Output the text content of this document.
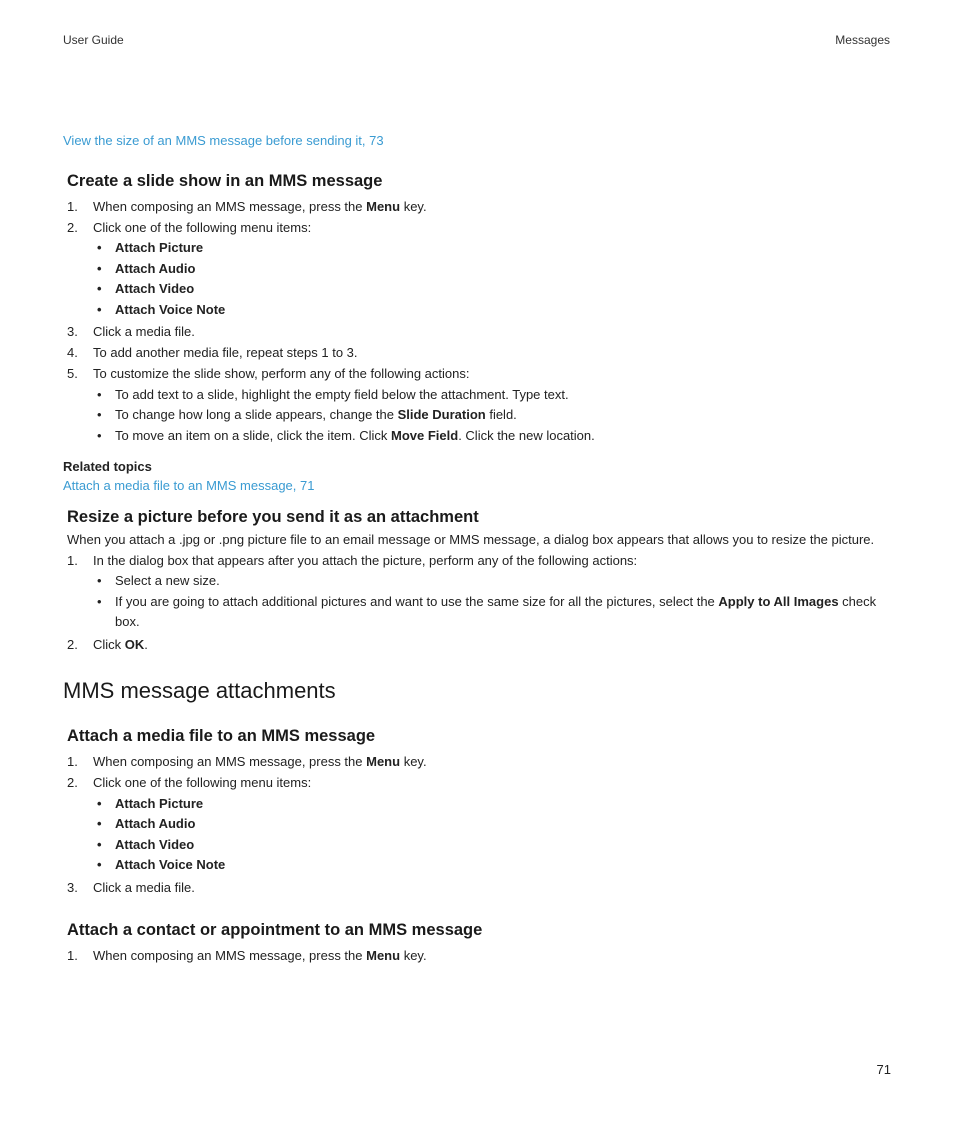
User Guide	Messages
View the size of an MMS message before sending it, 73
Create a slide show in an MMS message
1. When composing an MMS message, press the Menu key.
2. Click one of the following menu items:
• Attach Picture
• Attach Audio
• Attach Video
• Attach Voice Note
3. Click a media file.
4. To add another media file, repeat steps 1 to 3.
5. To customize the slide show, perform any of the following actions:
• To add text to a slide, highlight the empty field below the attachment. Type text.
• To change how long a slide appears, change the Slide Duration field.
• To move an item on a slide, click the item. Click Move Field. Click the new location.
Related topics
Attach a media file to an MMS message, 71
Resize a picture before you send it as an attachment
When you attach a .jpg or .png picture file to an email message or MMS message, a dialog box appears that allows you to resize the picture.
1. In the dialog box that appears after you attach the picture, perform any of the following actions:
• Select a new size.
• If you are going to attach additional pictures and want to use the same size for all the pictures, select the Apply to All Images check box.
2. Click OK.
MMS message attachments
Attach a media file to an MMS message
1. When composing an MMS message, press the Menu key.
2. Click one of the following menu items:
• Attach Picture
• Attach Audio
• Attach Video
• Attach Voice Note
3. Click a media file.
Attach a contact or appointment to an MMS message
1. When composing an MMS message, press the Menu key.
71
